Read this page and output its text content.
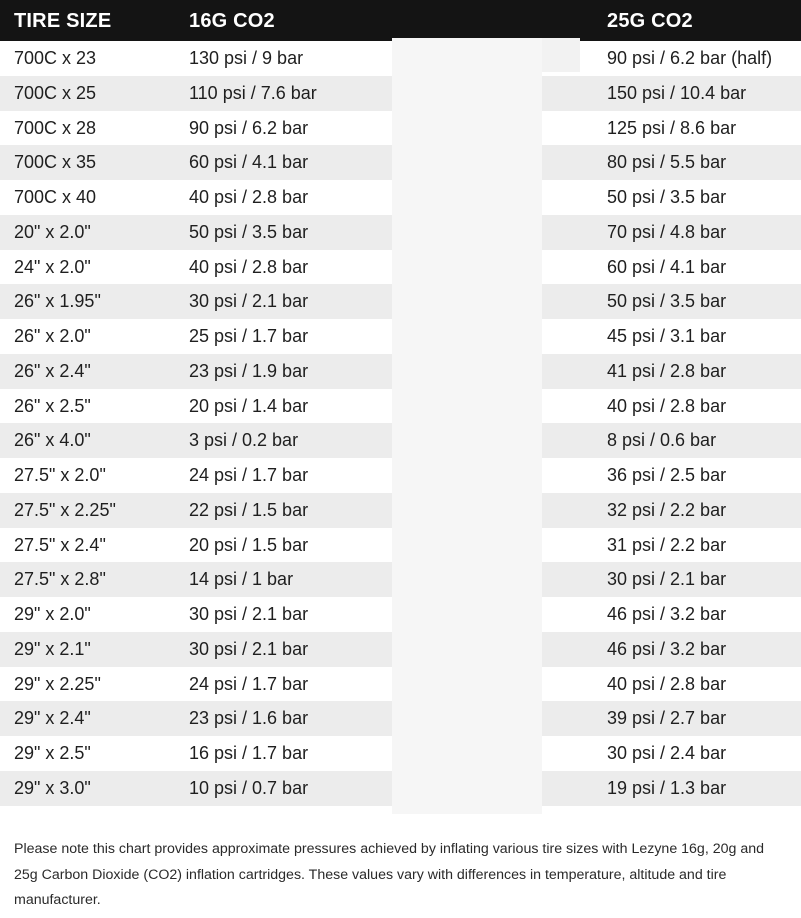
TIRE SIZE	16G CO2	25G CO2
700C x 23	130 psi / 9 bar	90 psi / 6.2 bar (half)
700C x 25	110 psi / 7.6 bar	150 psi / 10.4 bar
700C x 28	90 psi / 6.2 bar	125 psi / 8.6 bar
700C x 35	60 psi / 4.1 bar	80 psi / 5.5 bar
700C x 40	40 psi / 2.8 bar	50 psi / 3.5 bar
20" x 2.0"	50 psi / 3.5 bar	70 psi / 4.8 bar
24" x 2.0"	40 psi / 2.8 bar	60 psi / 4.1 bar
26" x 1.95"	30 psi / 2.1 bar	50 psi / 3.5 bar
26" x 2.0"	25 psi / 1.7 bar	45 psi / 3.1 bar
26" x 2.4"	23 psi / 1.9 bar	41 psi / 2.8 bar
26" x 2.5"	20 psi / 1.4 bar	40 psi / 2.8 bar
26" x 4.0"	3 psi / 0.2 bar	8 psi / 0.6 bar
27.5" x 2.0"	24 psi / 1.7 bar	36 psi / 2.5 bar
27.5" x 2.25"	22 psi / 1.5 bar	32 psi / 2.2 bar
27.5" x 2.4"	20 psi / 1.5 bar	31 psi / 2.2 bar
27.5" x 2.8"	14 psi / 1 bar	30 psi / 2.1 bar
29" x 2.0"	30 psi / 2.1 bar	46 psi / 3.2 bar
29" x 2.1"	30 psi / 2.1 bar	46 psi / 3.2 bar
29" x 2.25"	24 psi / 1.7 bar	40 psi / 2.8 bar
29" x 2.4"	23 psi / 1.6 bar	39 psi / 2.7 bar
29" x 2.5"	16 psi / 1.7 bar	30 psi / 2.4 bar
29" x 3.0"	10 psi / 0.7 bar	19 psi / 1.3 bar

Please note this chart provides approximate pressures achieved by inflating various tire sizes with Lezyne 16g, 20g and 25g Carbon Dioxide (CO2) inflation cartridges. These values vary with differences in temperature, altitude and tire manufacturer.
